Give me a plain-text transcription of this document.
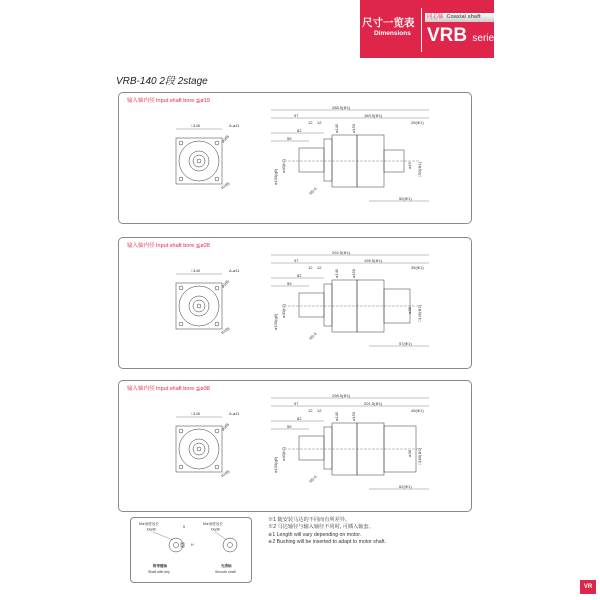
尺寸一览表
Dimensions
同芯轴 Coaxial shaft
VRB series
VRB-140 2段 2stage
输入轴内径 Input shaft bore ≦ø19
□140	A-ø11
ø165
ø185
288.5(※1)
97	189.5(※1)
12 12	25(※1)
82
55
ø130(g6)
ø40(h7)
ø145	ø150
R0.4
ø19 □90(※1)
50(※1)
输入轴内径 Input shaft bore ≦ø28
□140	A-ø11
ø165
ø185
292.5(※1)
97	195.5(※1)
12 12	35(※1)
82
55
ø130(g6)
ø40(h7)
ø145	ø150
R0.4
ø28 □135(※1)
57(※1)
输入轴内径 Input shaft bore ≦ø38
□140	A-ø11
ø165
ø185
298.5(※1)
97	201.5(※1)
12 12	45(※1)
82
55
ø130(g6)
ø40(h7)
ø145	ø150
R0.4
ø38 □180(※1)
62(※1)
M※深度加长
Depth
5
H
附带键轴
Shaft with key
M※深度加长
Depth
光滑轴
Smooth shaft
※1 随安装马达的不同而有所差异。
※2 马达轴径与输入轴径不同时, 可插入轴套。
※1 Length will vary depending on motor.
※2 Bushing will be inserted to adapt to motor shaft.
VR
